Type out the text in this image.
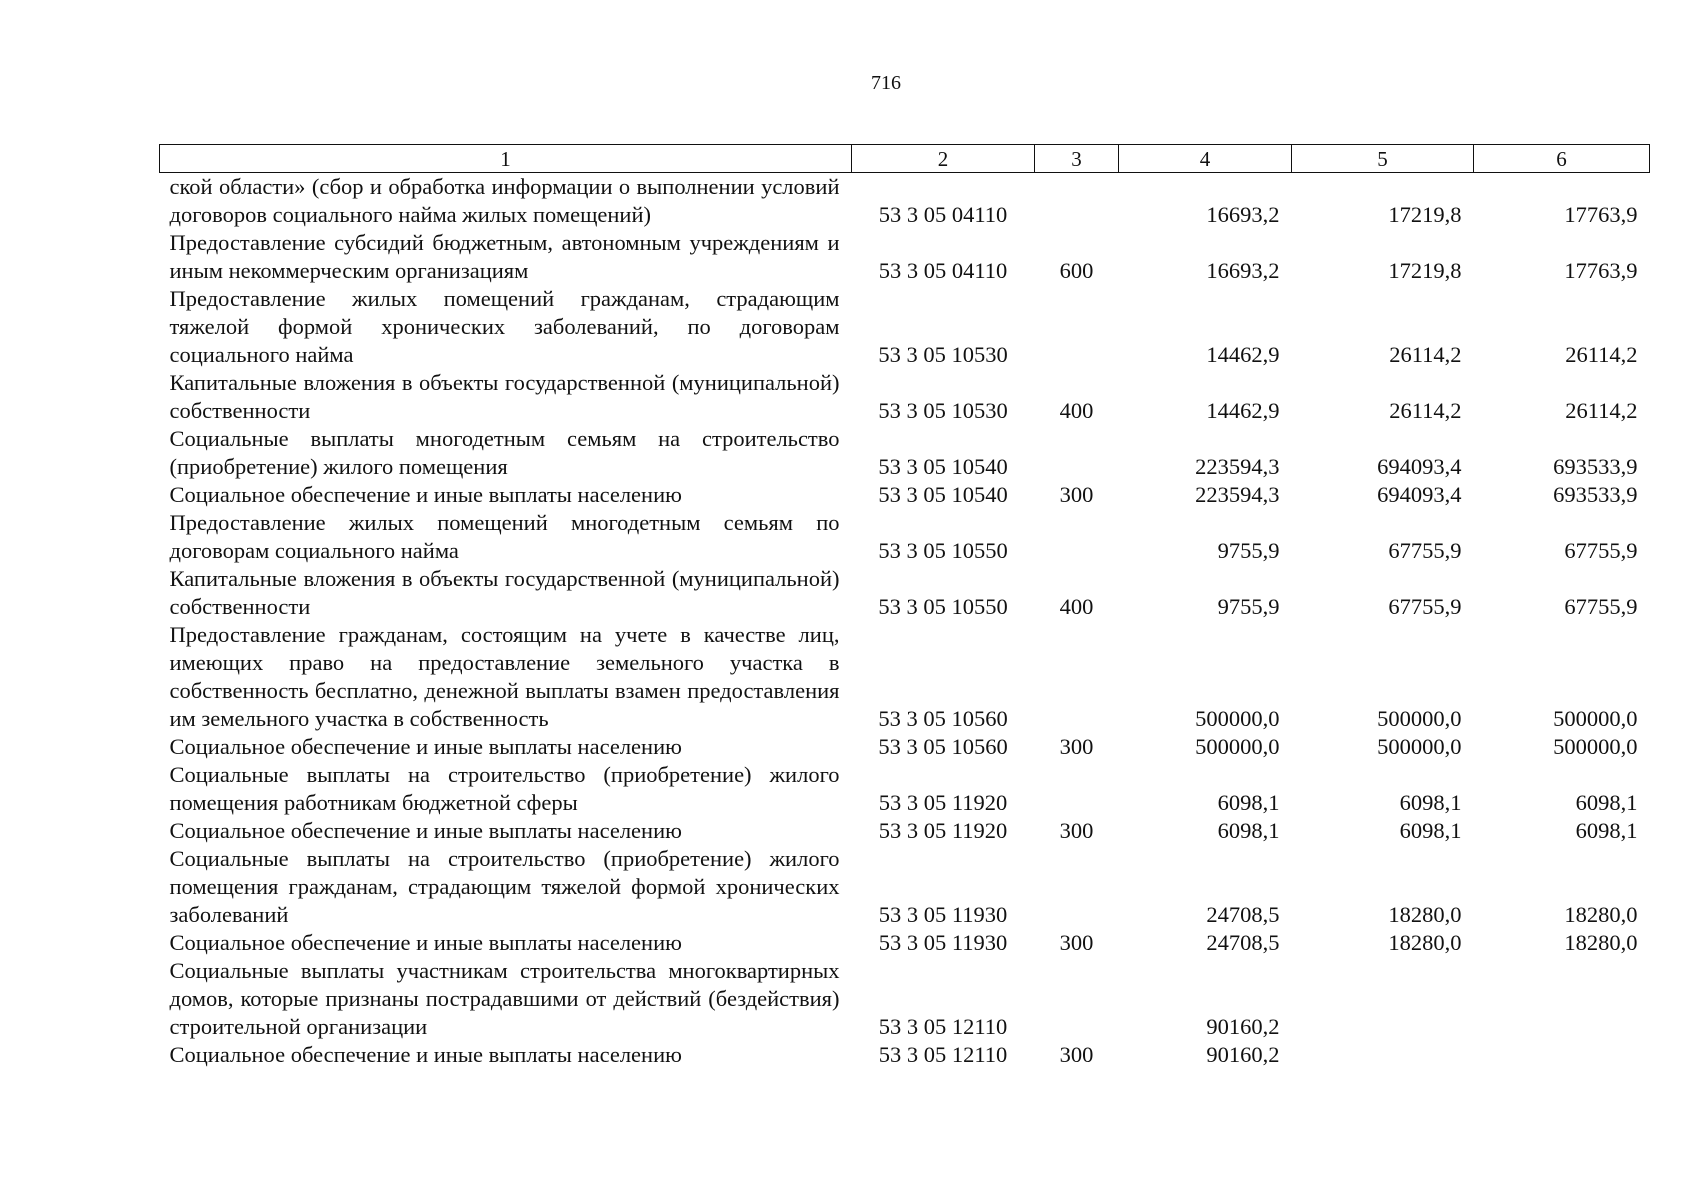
716
1	2	3	4	5	6
ской области» (сбор и обработка информации о выполнении условий договоров социального найма жилых помещений)	53 3 05 04110		16693,2	17219,8	17763,9
Предоставление субсидий бюджетным, автономным учреждениям и иным некоммерческим организациям	53 3 05 04110	600	16693,2	17219,8	17763,9
Предоставление жилых помещений гражданам, страдающим тяжелой формой хронических заболеваний, по договорам социального найма	53 3 05 10530		14462,9	26114,2	26114,2
Капитальные вложения в объекты государственной (муниципальной) собственности	53 3 05 10530	400	14462,9	26114,2	26114,2
Социальные выплаты многодетным семьям на строительство (приобретение) жилого помещения	53 3 05 10540		223594,3	694093,4	693533,9
Социальное обеспечение и иные выплаты населению	53 3 05 10540	300	223594,3	694093,4	693533,9
Предоставление жилых помещений многодетным семьям по договорам социального найма	53 3 05 10550		9755,9	67755,9	67755,9
Капитальные вложения в объекты государственной (муниципальной) собственности	53 3 05 10550	400	9755,9	67755,9	67755,9
Предоставление гражданам, состоящим на учете в качестве лиц, имеющих право на предоставление земельного участка в собственность бесплатно, денежной выплаты взамен предоставления им земельного участка в собственность	53 3 05 10560		500000,0	500000,0	500000,0
Социальное обеспечение и иные выплаты населению	53 3 05 10560	300	500000,0	500000,0	500000,0
Социальные выплаты на строительство (приобретение) жилого помещения работникам бюджетной сферы	53 3 05 11920		6098,1	6098,1	6098,1
Социальное обеспечение и иные выплаты населению	53 3 05 11920	300	6098,1	6098,1	6098,1
Социальные выплаты на строительство (приобретение) жилого помещения гражданам, страдающим тяжелой формой хронических заболеваний	53 3 05 11930		24708,5	18280,0	18280,0
Социальное обеспечение и иные выплаты населению	53 3 05 11930	300	24708,5	18280,0	18280,0
Социальные выплаты участникам строительства многоквартирных домов, которые признаны пострадавшими от действий (бездействия) строительной организации	53 3 05 12110		90160,2		
Социальное обеспечение и иные выплаты населению	53 3 05 12110	300	90160,2		
